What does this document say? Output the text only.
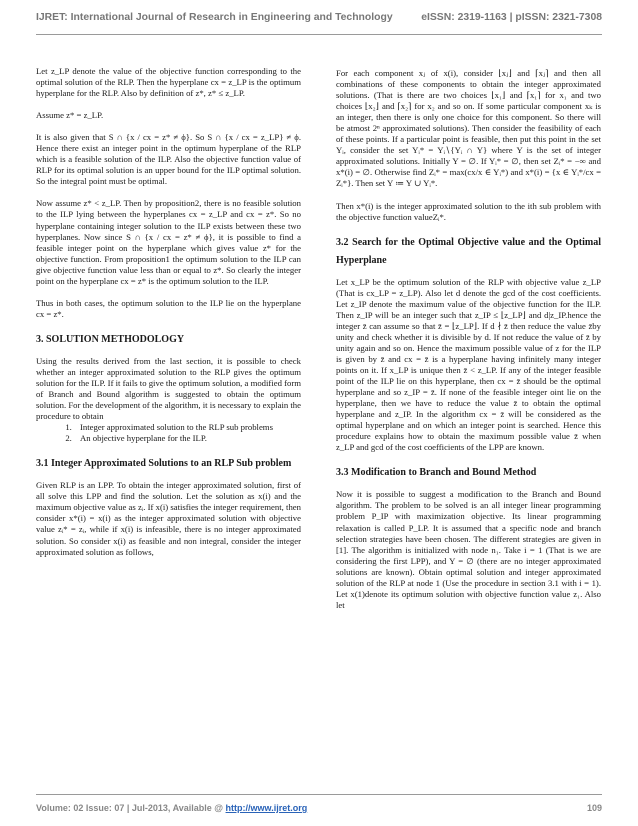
IJRET: International Journal of Research in Engineering and Technology	eISSN: 2319-1163 | pISSN: 2321-7308

Let z_LP denote the value of the objective function corresponding to the optimal solution of the RLP. Then the hyperplane cx = z_LP is the optimum hyperplane for the RLP. Also by definition of z*, z* ≤ z_LP.

Assume z* = z_LP.

It is also given that S ∩ {x / cx = z* ≠ ϕ}. So S ∩ {x / cx = z_LP} ≠ ϕ. Hence there exist an integer point in the optimum hyperplane of the RLP which is a feasible solution of the ILP. Also the objective function value of RLP for its optimal solution is an upper bound for the ILP optimal solution. So the integral point must be optimal.

Now assume z* < z_LP. Then by proposition2, there is no feasible solution to the ILP lying between the hyperplanes cx = z_LP and cx = z*. So no hyperplane containing integer solution to the ILP exists between these two hyperplanes. Now since S ∩ {x / cx = z* ≠ ϕ}, it is possible to find a feasible integer point on the hyperplane which gives value z* for the objective function. From proposition1 the optimum solution to the ILP can give objective function value less than or equal to z*. So clearly the integer point on the hyperplane cx = z* is the optimum solution to the ILP.

Thus in both cases, the optimum solution to the ILP lie on the hyperplane cx = z*.

3. SOLUTION METHODOLOGY

Using the results derived from the last section, it is possible to check whether an integer approximated solution to the RLP gives the optimum solution for the ILP. If it fails to give the optimum solution, a modified form of Branch and Bound algorithm is suggested to obtain the optimum solution. For the development of the algorithm, it is necessary to explain the procedure to obtain

1. Integer approximated solution to the RLP sub problems
2. An objective hyperplane for the ILP.
3.1 Integer Approximated Solutions to an RLP Sub problem

Given RLP is an LPP. To obtain the integer approximated solution, first of all solve this LPP and find the solution. Let the solution as x(i) and the maximum objective value as zᵢ. If x(i) satisfies the integer requirement, then consider x*(i) = x(i) as the integer approximated solution with objective value zᵢ* = zᵢ, while if x(i) is infeasible, there is no integer approximated solution. So consider x(i) as feasible and non integral, consider the integer approximated solution as follows,

For each component xⱼ of x(i), consider ⌊xⱼ⌋ and ⌈xⱼ⌉ and then all combinations of these components to obtain the integer approximated solutions. (That is there are two choices ⌊x₁⌋ and ⌈x₁⌉ for x₁ and two choices ⌊x₂⌋ and ⌈x₂⌉ for x₂ and so on. If some particular component xₖ is an integer, then there is only one choice for this component. So there will be atmost 2ⁿ approximated solutions). Then consider the feasibility of each of these points. If a particular point is feasible, then put this point in the set Yᵢ, consider the set Yᵢ* = Yᵢ∖{Yᵢ ∩ Y} where Y is the set of integer approximated solutions. Initially Y = ∅. If Yᵢ* = ∅, then set Zᵢ* = −∞ and x*(i) = ∅. Otherwise find Zᵢ* = max(cx/x ∈ Yᵢ*) and x*(i) = {x ∈ Yᵢ*/cx = Zᵢ*}. Then set Y ≔ Y ∪ Yᵢ*.

Then x*(i) is the integer approximated solution to the ith sub problem with the objective function valueZᵢ*.

3.2 Search for the Optimal Objective value and the Optimal Hyperplane

Let x_LP be the optimum solution of the RLP with objective value z_LP (That is cx_LP = z_LP). Also let d denote the gcd of the cost coefficients. Let z_IP denote the maximum value of the objective function for the ILP. Then z_IP will be an integer such that z_IP ≤ ⌊z_LP⌋ and d|z_IP.hence the integer z̄ can assume so that z̄ = ⌊z_LP⌋. If d ∤ z̄ then reduce the value z̄by unity and check whether it is divisible by d. If not reduce the value of z̄ by unity again and so on. Hence the maximum possible value of z for the ILP is given by z̄ and cx = z̄ is a hyperplane having infinitely many integer points on it. If x_LP is unique then z̄ < z_LP. If any of the integer feasible point of the ILP lie on this hyperplane, then cx = z̄ should be the optimal hyperplane and so z_IP = z̄. If none of the feasible integer oint lie on the hyperplane, then we have to reduce the value z̄ to obtain the optimal hyperplane and z_IP. In the algorithm cx = z̄ will be considered as the optimal hyperplane and on which an integer point is searched. Hence this procedure explains how to obtain the maximum possible value z̄ when z_LP and gcd of the cost coefficients of the LPP are known.

3.3 Modification to Branch and Bound Method

Now it is possible to suggest a modification to the Branch and Bound algorithm. The problem to be solved is an all integer linear programming problem P_IP with maximization objective. Its linear programming relaxation is called P_LP. It is assumed that a specific node and branch selection strategies have been chosen. The different strategies are given in [1]. The algorithm is initialized with node n₁. Take i = 1 (That is we are considering the first LPP), and Y = ∅ (there are no integer approximated solutions are known). Obtain optimal solution and integer approximated solution of the RLP at node 1 (Use the procedure in section 3.1 with i = 1). Let x(1)denote its optimum solution with objective function value z₁. Also let

Volume: 02 Issue: 07 | Jul-2013, Available @ http://www.ijret.org	109
